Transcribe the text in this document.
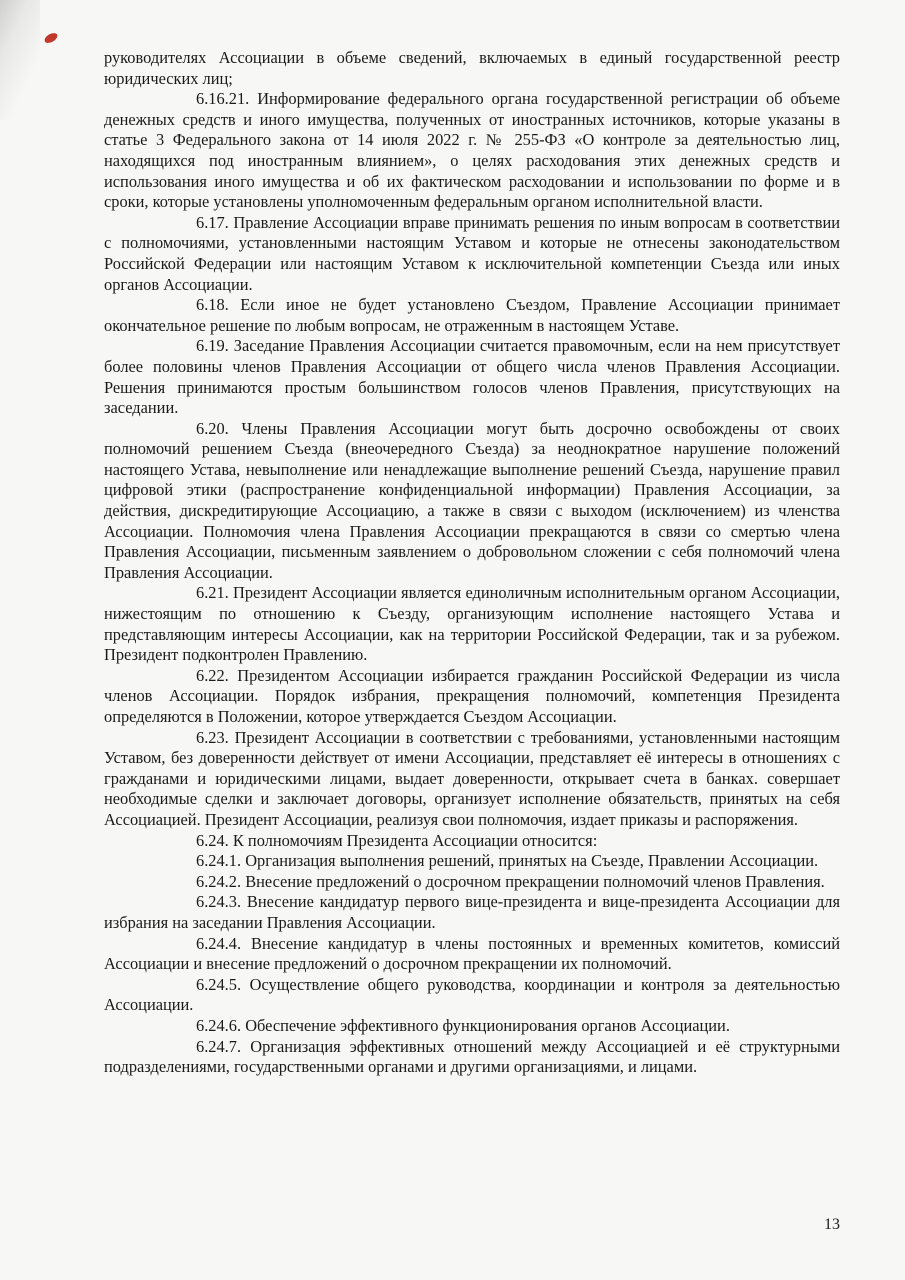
руководителях Ассоциации в объеме сведений, включаемых в единый государственной реестр юридических лиц;

6.16.21. Информирование федерального органа государственной регистрации об объеме денежных средств и иного имущества, полученных от иностранных источников, которые указаны в статье 3 Федерального закона от 14 июля 2022 г. № 255-ФЗ «О контроле за деятельностью лиц, находящихся под иностранным влиянием», о целях расходования этих денежных средств и использования иного имущества и об их фактическом расходовании и использовании по форме и в сроки, которые установлены уполномоченным федеральным органом исполнительной власти.

6.17. Правление Ассоциации вправе принимать решения по иным вопросам в соответствии с полномочиями, установленными настоящим Уставом и которые не отнесены законодательством Российской Федерации или настоящим Уставом к исключительной компетенции Съезда или иных органов Ассоциации.

6.18. Если иное не будет установлено Съездом, Правление Ассоциации принимает окончательное решение по любым вопросам, не отраженным в настоящем Уставе.

6.19. Заседание Правления Ассоциации считается правомочным, если на нем присутствует более половины членов Правления Ассоциации от общего числа членов Правления Ассоциации. Решения принимаются простым большинством голосов членов Правления, присутствующих на заседании.

6.20. Члены Правления Ассоциации могут быть досрочно освобождены от своих полномочий решением Съезда (внеочередного Съезда) за неоднократное нарушение положений настоящего Устава, невыполнение или ненадлежащие выполнение решений Съезда, нарушение правил цифровой этики (распространение конфиденциальной информации) Правления Ассоциации, за действия, дискредитирующие Ассоциацию, а также в связи с выходом (исключением) из членства Ассоциации. Полномочия члена Правления Ассоциации прекращаются в связи со смертью члена Правления Ассоциации, письменным заявлением о добровольном сложении с себя полномочий члена Правления Ассоциации.

6.21. Президент Ассоциации является единоличным исполнительным органом Ассоциации, нижестоящим по отношению к Съезду, организующим исполнение настоящего Устава и представляющим интересы Ассоциации, как на территории Российской Федерации, так и за рубежом. Президент подконтролен Правлению.

6.22. Президентом Ассоциации избирается гражданин Российской Федерации из числа членов Ассоциации. Порядок избрания, прекращения полномочий, компетенция Президента определяются в Положении, которое утверждается Съездом Ассоциации.

6.23. Президент Ассоциации в соответствии с требованиями, установленными настоящим Уставом, без доверенности действует от имени Ассоциации, представляет её интересы в отношениях с гражданами и юридическими лицами, выдает доверенности, открывает счета в банках. совершает необходимые сделки и заключает договоры, организует исполнение обязательств, принятых на себя Ассоциацией. Президент Ассоциации, реализуя свои полномочия, издает приказы и распоряжения.

6.24. К полномочиям Президента Ассоциации относится:

6.24.1. Организация выполнения решений, принятых на Съезде, Правлении Ассоциации.

6.24.2. Внесение предложений о досрочном прекращении полномочий членов Правления.

6.24.3. Внесение кандидатур первого вице-президента и вице-президента Ассоциации для избрания на заседании Правления Ассоциации.

6.24.4. Внесение кандидатур в члены постоянных и временных комитетов, комиссий Ассоциации и внесение предложений о досрочном прекращении их полномочий.

6.24.5. Осуществление общего руководства, координации и контроля за деятельностью Ассоциации.

6.24.6. Обеспечение эффективного функционирования органов Ассоциации.

6.24.7. Организация эффективных отношений между Ассоциацией и её структурными подразделениями, государственными органами и другими организациями, и лицами.

13
